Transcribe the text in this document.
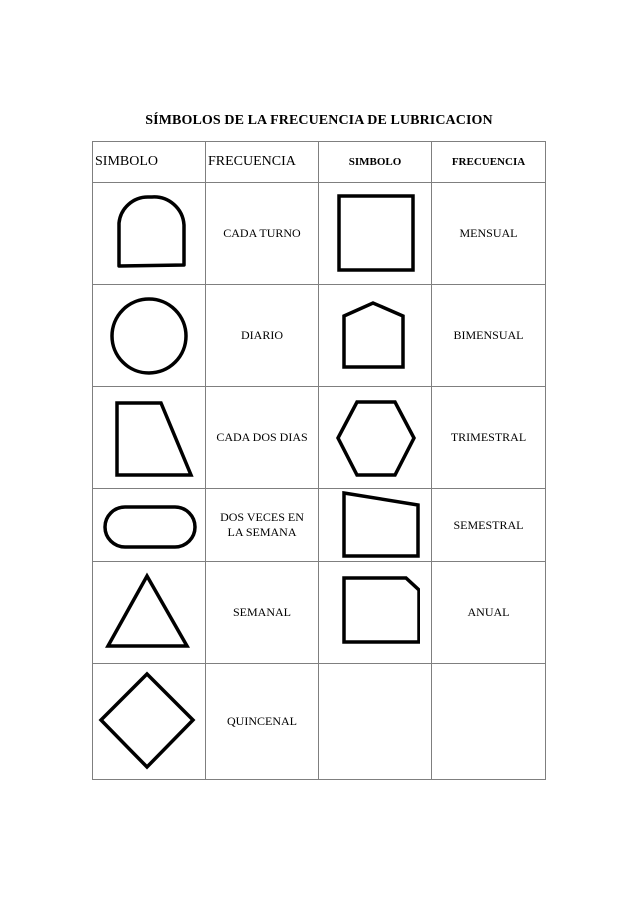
SÍMBOLOS DE LA FRECUENCIA DE LUBRICACION
SIMBOLO	FRECUENCIA	SIMBOLO	FRECUENCIA

	CADA TURNO		MENSUAL

	DIARIO		BIMENSUAL

	CADA DOS DIAS		TRIMESTRAL

	DOS VECES EN
LA SEMANA		SEMESTRAL

	SEMANAL		ANUAL

	QUINCENAL		
